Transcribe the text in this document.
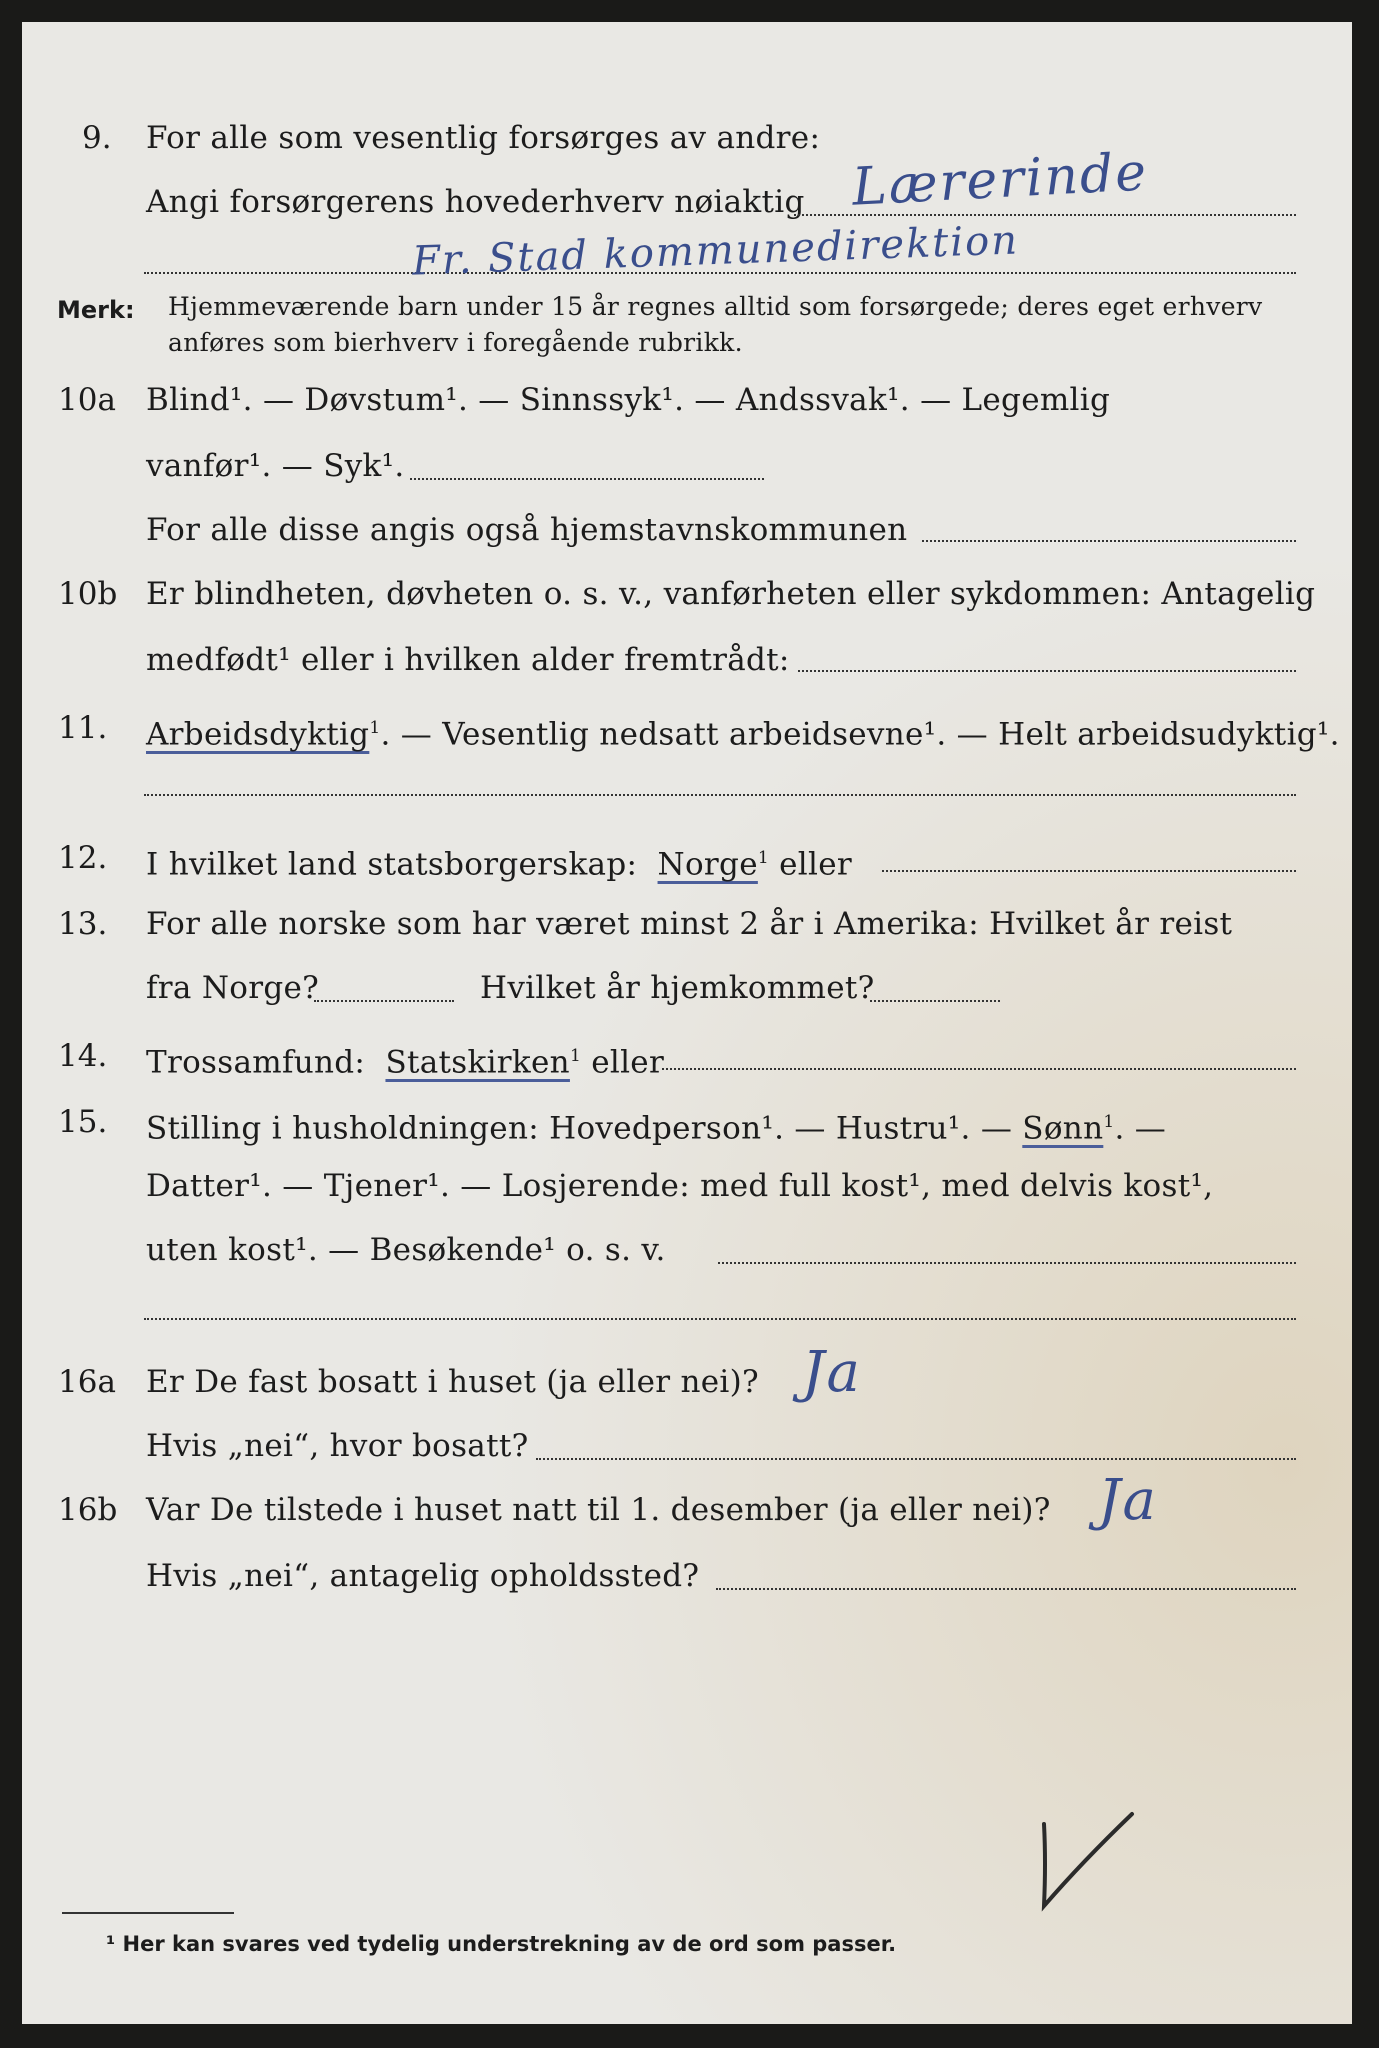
9. For alle som vesentlig forsørges av andre:
Angi forsørgerens hovederhverv nøiaktig Lærerinde
Fr. Stad kommunedirektion
Merk: Hjemmeværende barn under 15 år regnes alltid som forsørgede; deres eget erhverv
anføres som bierhverv i foregående rubrikk.
10a Blind¹. — Døvstum¹. — Sinnssyk¹. — Andssvak¹. — Legemlig
vanfør¹. — Syk¹.
For alle disse angis også hjemstavnskommunen
10b Er blindheten, døvheten o. s. v., vanførheten eller sykdommen: Antagelig
medfødt¹ eller i hvilken alder fremtrådt:
11. Arbeidsdyktig$^1$. — Vesentlig nedsatt arbeidsevne¹. — Helt arbeidsudyktig¹.
12. I hvilket land statsborgerskap: Norge$^1$ eller
13. For alle norske som har været minst 2 år i Amerika: Hvilket år reist
fra Norge?	Hvilket år hjemkommet?
14. Trossamfund: Statskirken$^1$ eller
15. Stilling i husholdningen: Hovedperson¹. — Hustru¹. — Sønn$^1$. —
Datter¹. — Tjener¹. — Losjerende: med full kost¹, med delvis kost¹,
uten kost¹. — Besøkende¹ o. s. v.
16a Er De fast bosatt i huset (ja eller nei)? Ja
Hvis „nei“, hvor bosatt?
16b Var De tilstede i huset natt til 1. desember (ja eller nei)? Ja
Hvis „nei“, antagelig opholdssted?
¹ Her kan svares ved tydelig understrekning av de ord som passer.
